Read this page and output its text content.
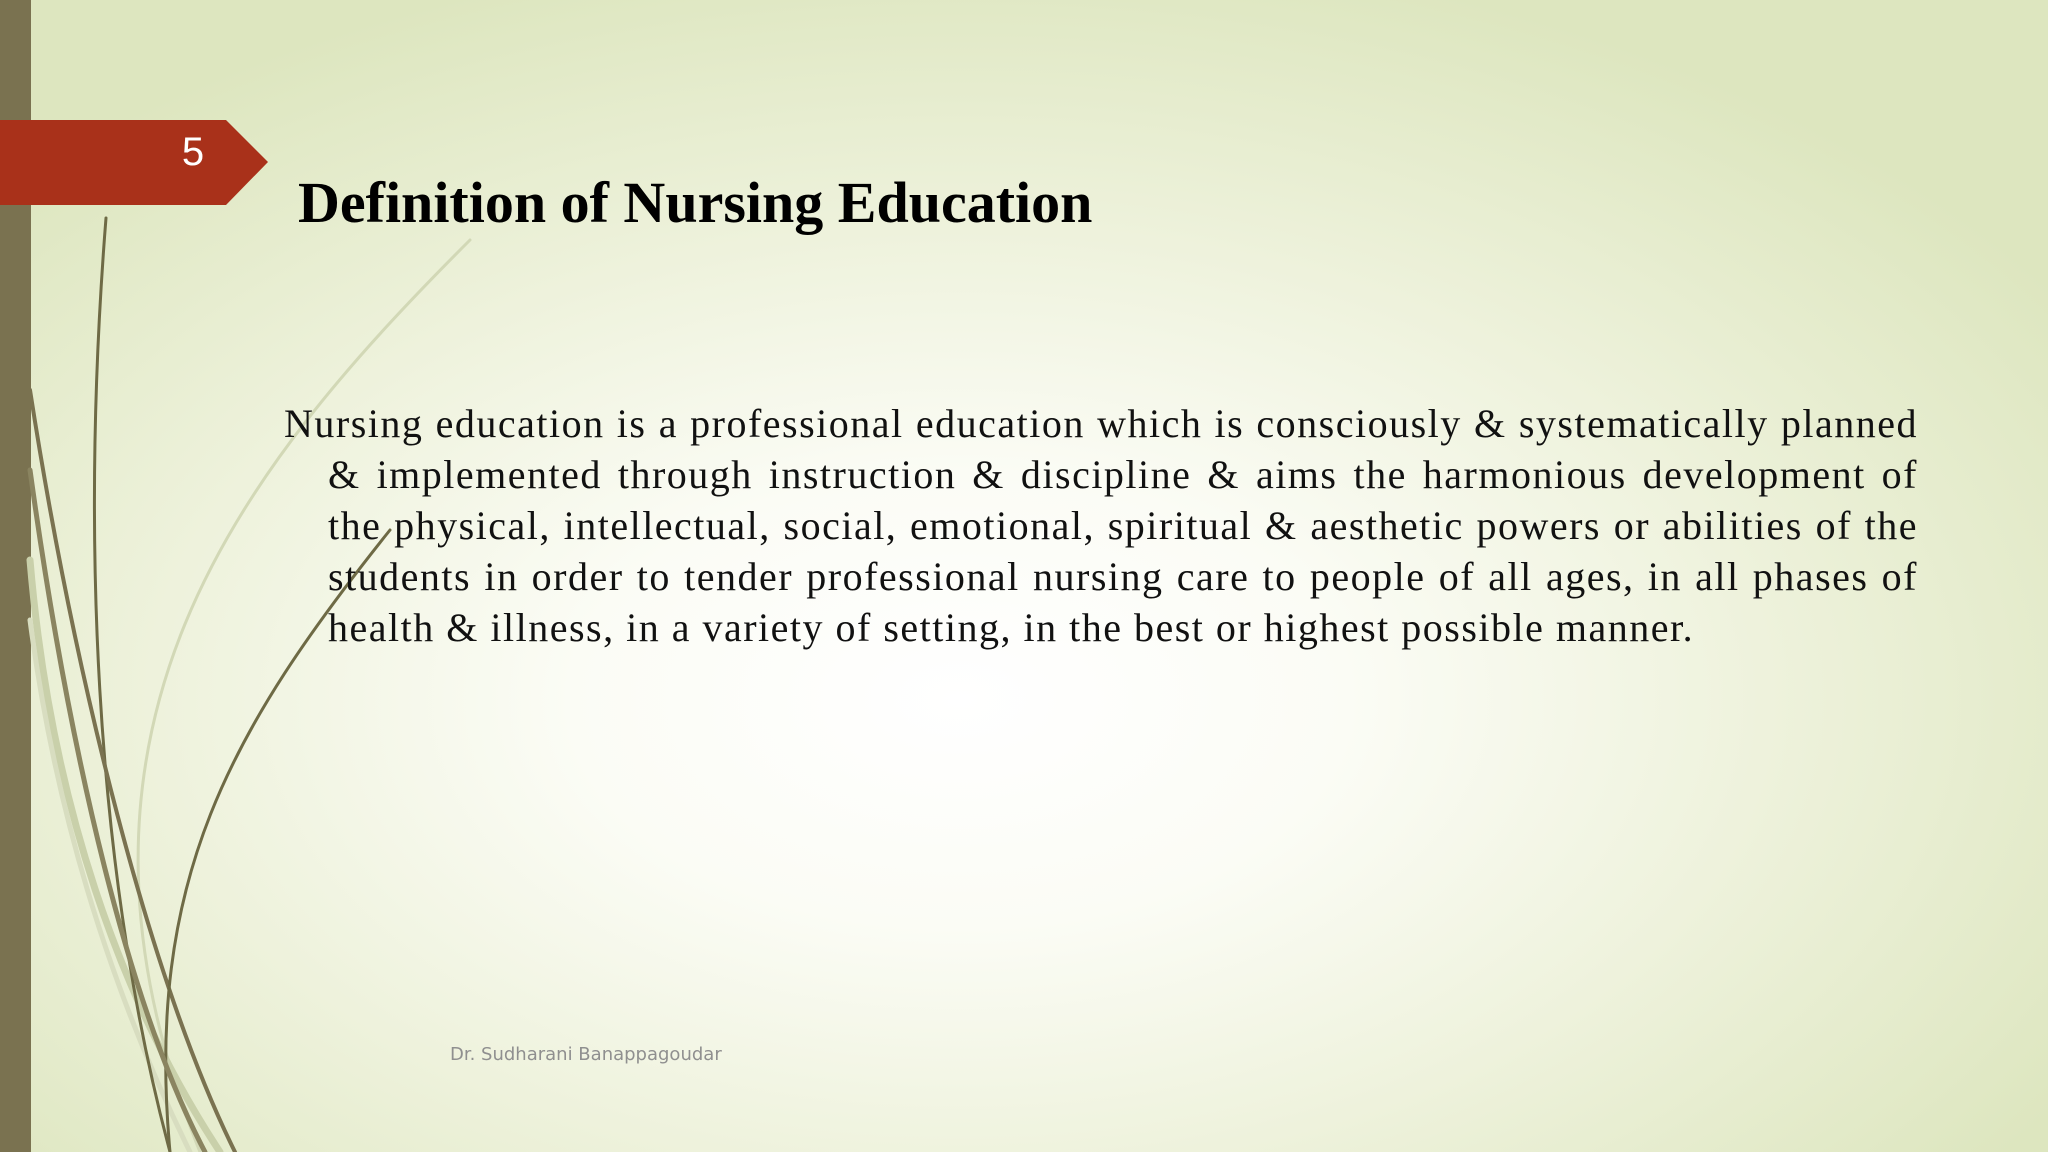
5
Definition of Nursing Education

Nursing education is a professional education which is consciously & systematically planned & implemented through instruction & discipline & aims the harmonious development of the physical, intellectual, social, emotional, spiritual & aesthetic powers or abilities of the students in order to tender professional nursing care to people of all ages, in all phases of health & illness, in a variety of setting, in the best or highest possible manner.

Dr. Sudharani Banappagoudar
